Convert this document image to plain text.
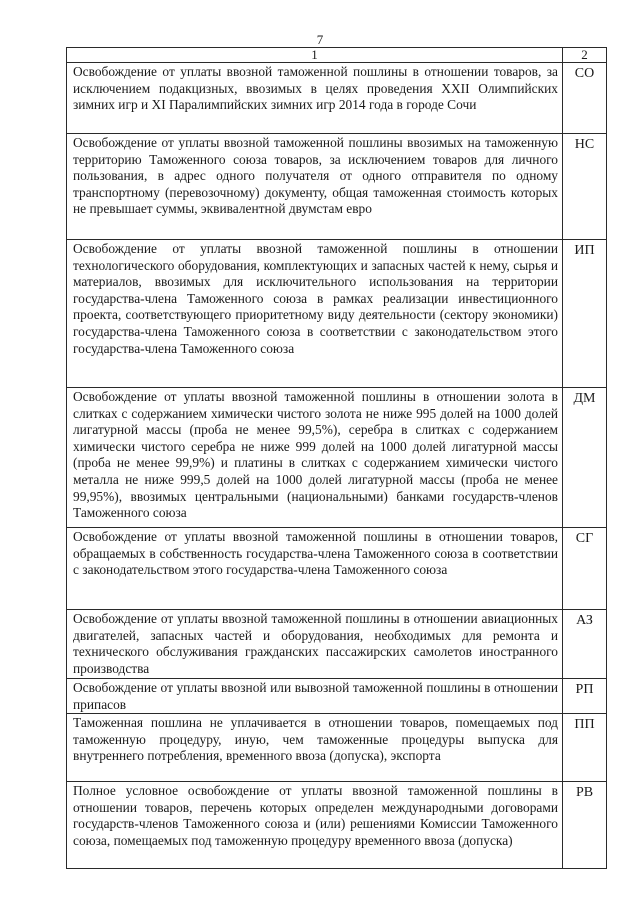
7
1	2
Освобождение от уплаты ввозной таможенной пошлины в отношении товаров, за исключением подакцизных, ввозимых в целях проведения XXII Олимпийских зимних игр и XI Паралимпийских зимних игр 2014 года в городе Сочи	СО
Освобождение от уплаты ввозной таможенной пошлины ввозимых на таможенную территорию Таможенного союза товаров, за исключением товаров для личного пользования, в адрес одного получателя от одного отправителя по одному транспортному (перевозочному) документу, общая таможенная стоимость которых не превышает суммы, эквивалентной двумстам евро	НС
Освобождение от уплаты ввозной таможенной пошлины в отношении технологического оборудования, комплектующих и запасных частей к нему, сырья и материалов, ввозимых для исключительного использования на территории государства-члена Таможенного союза в рамках реализации инвестиционного проекта, соответствующего приоритетному виду деятельности (сектору экономики) государства-члена Таможенного союза в соответствии с законодательством этого государства-члена Таможенного союза	ИП
Освобождение от уплаты ввозной таможенной пошлины в отношении золота в слитках с содержанием химически чистого золота не ниже 995 долей на 1000 долей лигатурной массы (проба не менее 99,5%), серебра в слитках с содержанием химически чистого серебра не ниже 999 долей на 1000 долей лигатурной массы (проба не менее 99,9%) и платины в слитках с содержанием химически чистого металла не ниже 999,5 долей на 1000 долей лигатурной массы (проба не менее 99,95%), ввозимых центральными (национальными) банками государств-членов Таможенного союза	ДМ
Освобождение от уплаты ввозной таможенной пошлины в отношении товаров, обращаемых в собственность государства-члена Таможенного союза в соответствии с законодательством этого государства-члена Таможенного союза	СГ
Освобождение от уплаты ввозной таможенной пошлины в отношении авиационных двигателей, запасных частей и оборудования, необходимых для ремонта и технического обслуживания гражданских пассажирских самолетов иностранного производства	АЗ
Освобождение от уплаты ввозной или вывозной таможенной пошлины в отношении припасов	РП
Таможенная пошлина не уплачивается в отношении товаров, помещаемых под таможенную процедуру, иную, чем таможенные процедуры выпуска для внутреннего потребления, временного ввоза (допуска), экспорта	ПП
Полное условное освобождение от уплаты ввозной таможенной пошлины в отношении товаров, перечень которых определен международными договорами государств-членов Таможенного союза и (или) решениями Комиссии Таможенного союза, помещаемых под таможенную процедуру временного ввоза (допуска)	РВ
